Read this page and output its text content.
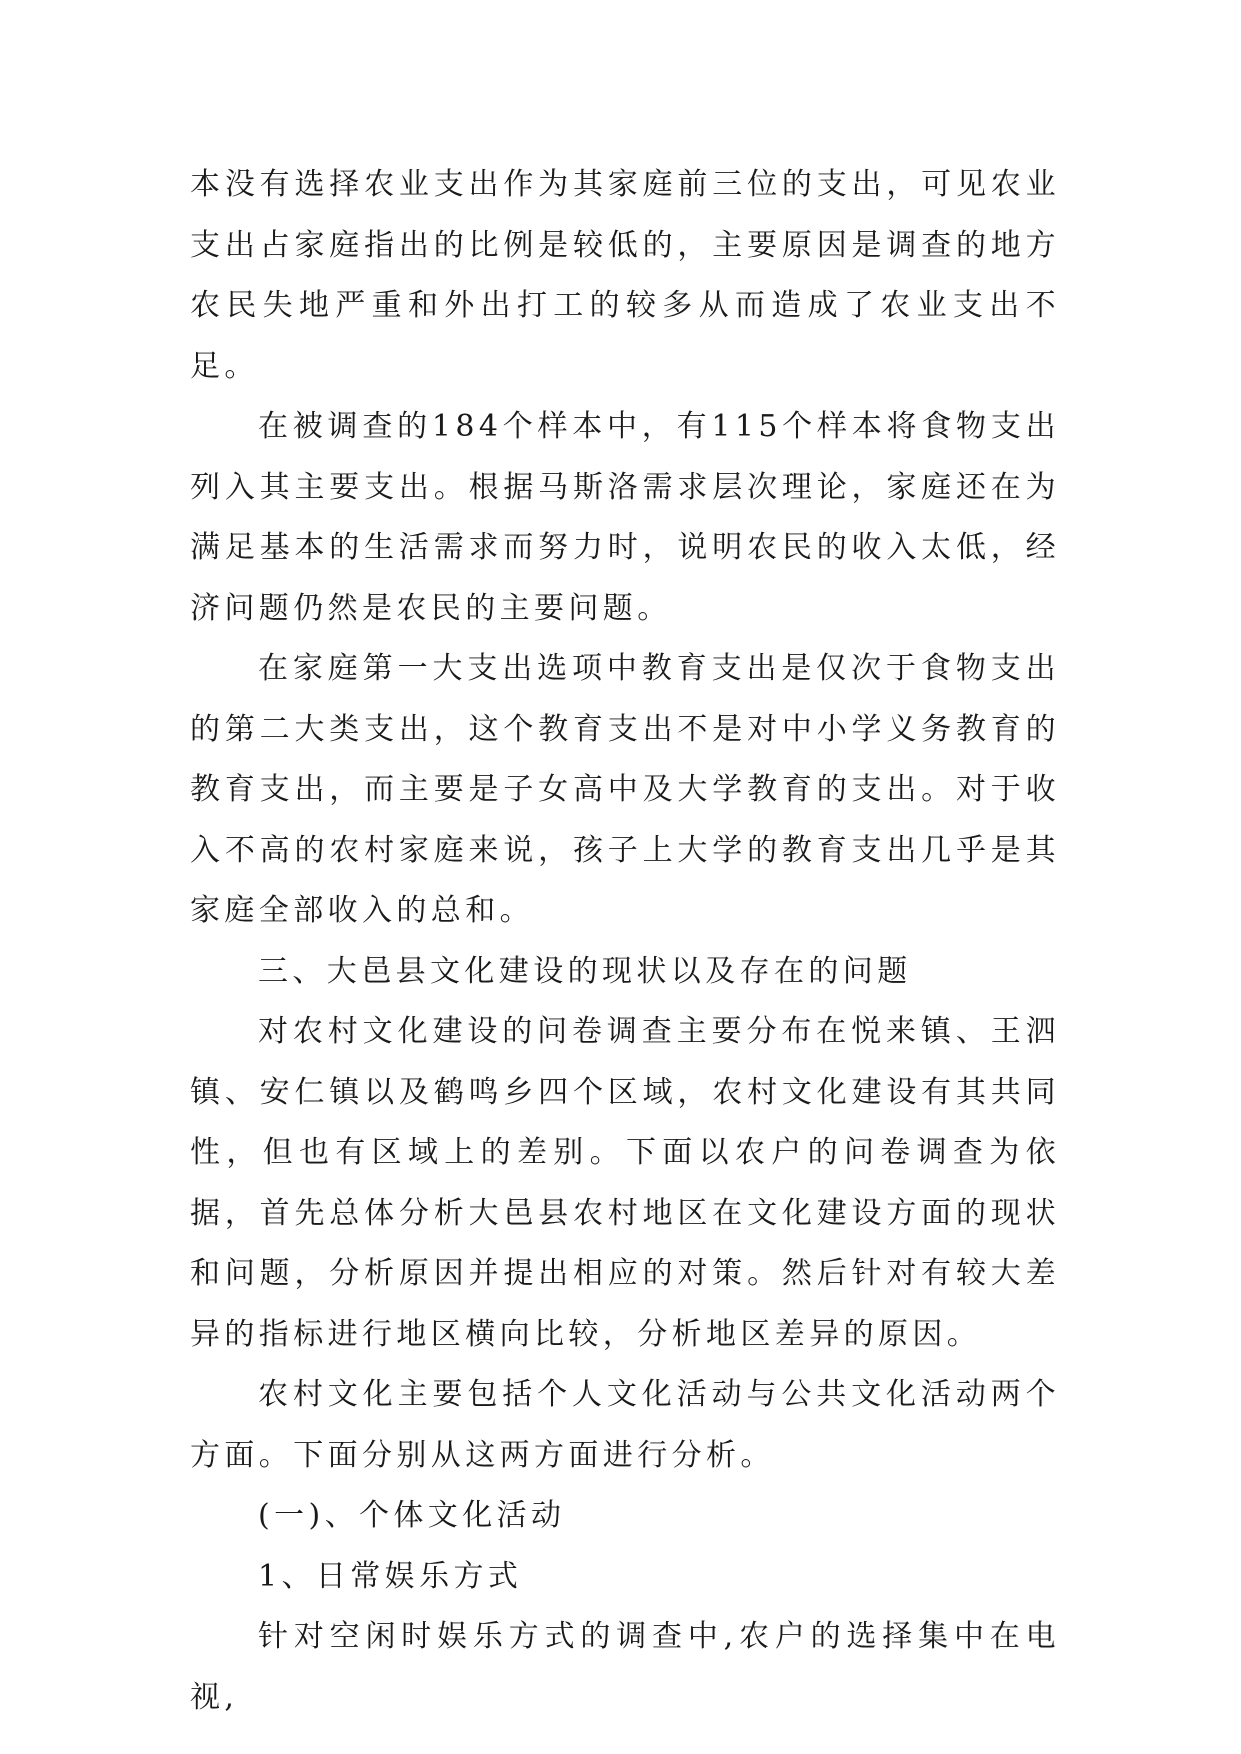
本没有选择农业支出作为其家庭前三位的支出，可见农业支出占家庭指出的比例是较低的，主要原因是调查的地方农民失地严重和外出打工的较多从而造成了农业支出不足。

在被调查的184个样本中，有115个样本将食物支出列入其主要支出。根据马斯洛需求层次理论，家庭还在为满足基本的生活需求而努力时，说明农民的收入太低，经济问题仍然是农民的主要问题。

在家庭第一大支出选项中教育支出是仅次于食物支出的第二大类支出，这个教育支出不是对中小学义务教育的教育支出，而主要是子女高中及大学教育的支出。对于收入不高的农村家庭来说，孩子上大学的教育支出几乎是其家庭全部收入的总和。

三、大邑县文化建设的现状以及存在的问题

对农村文化建设的问卷调查主要分布在悦来镇、王泗镇、安仁镇以及鹤鸣乡四个区域，农村文化建设有其共同性，但也有区域上的差别。下面以农户的问卷调查为依据，首先总体分析大邑县农村地区在文化建设方面的现状和问题，分析原因并提出相应的对策。然后针对有较大差异的指标进行地区横向比较，分析地区差异的原因。

农村文化主要包括个人文化活动与公共文化活动两个方面。下面分别从这两方面进行分析。

(一)、个体文化活动

1、日常娱乐方式

针对空闲时娱乐方式的调查中,农户的选择集中在电视,
